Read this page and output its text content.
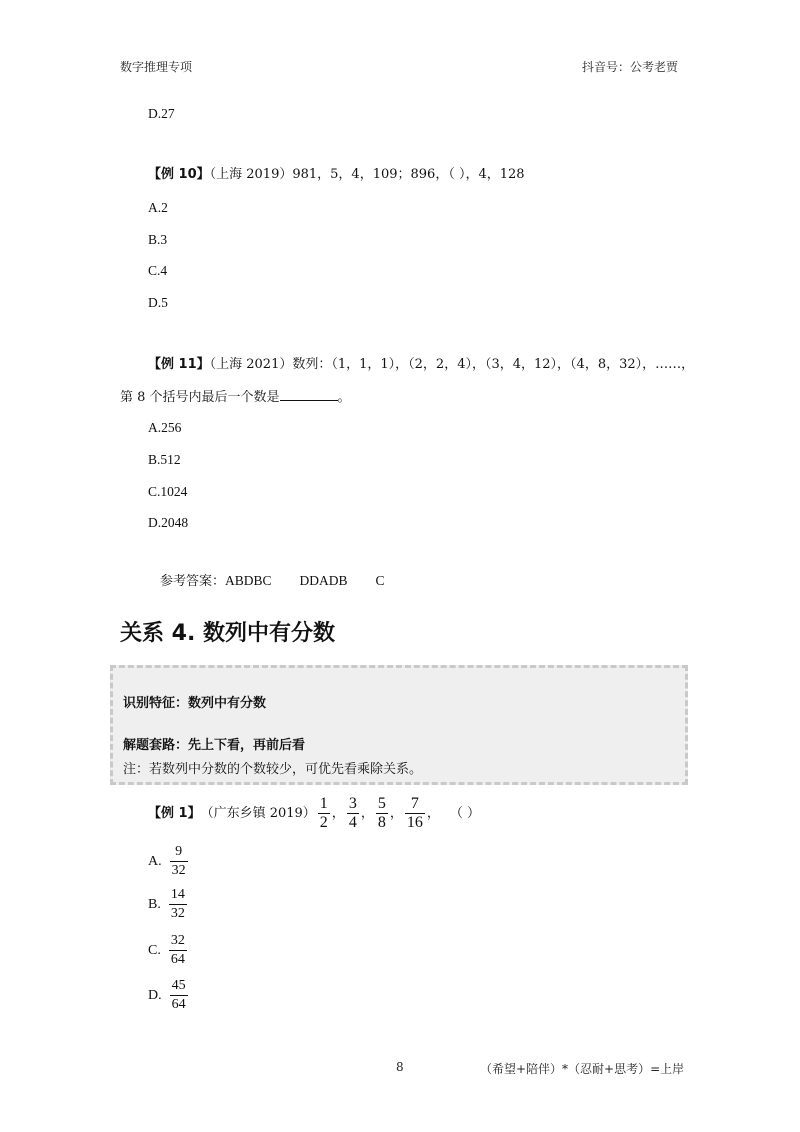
数字推理专项	抖音号：公考老贾
D.27
【例 10】（上海 2019）981，5，4，109；896，（ ），4，128
A.2
B.3
C.4
D.5
【例 11】（上海 2021）数列：（1，1，1），（2，2，4），（3，4，12），（4，8，32），……，
第 8 个括号内最后一个数是	。
A.256
B.512
C.1024
D.2048
参考答案：ABDBC DDADB C
关系 4. 数列中有分数
识别特征：数列中有分数
解题套路：先上下看，再前后看
注：若数列中分数的个数较少，可优先看乘除关系。
【例 1】 （广东乡镇 $2019) \frac{1}{2}$ ， $\frac{3}{4}$ ， $\frac{5}{8}$ ， $\frac{7}{16}$ ， （ ）
A. $\frac{9}{32}$
B. $\frac{14}{32}$
C. $\frac{32}{64}$
D. $\frac{45}{64}$
8	（希望+陪伴）*（忍耐+思考）=上岸
